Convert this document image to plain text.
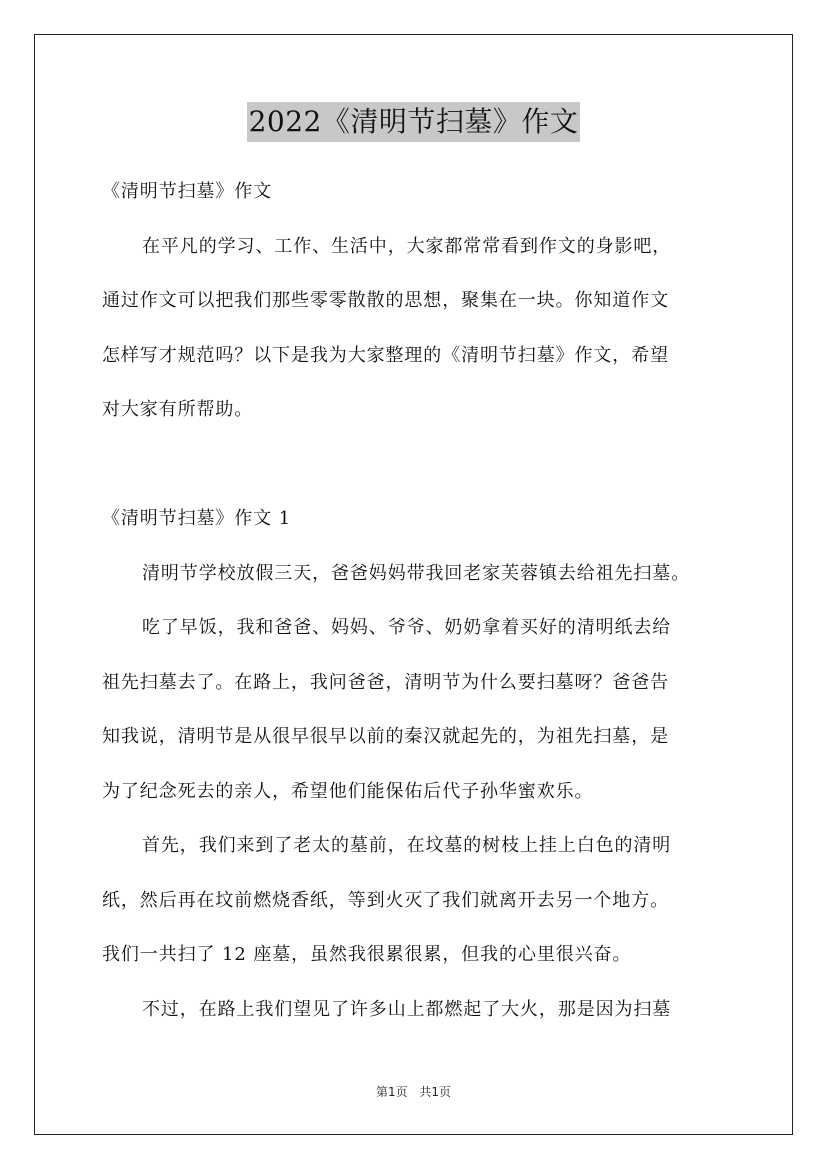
2022《清明节扫墓》作文
《清明节扫墓》作文
在平凡的学习、工作、生活中，大家都常常看到作文的身影吧，
通过作文可以把我们那些零零散散的思想，聚集在一块。你知道作文
怎样写才规范吗？以下是我为大家整理的《清明节扫墓》作文，希望
对大家有所帮助。
《清明节扫墓》作文 1
清明节学校放假三天，爸爸妈妈带我回老家芙蓉镇去给祖先扫墓。
吃了早饭，我和爸爸、妈妈、爷爷、奶奶拿着买好的清明纸去给
祖先扫墓去了。在路上，我问爸爸，清明节为什么要扫墓呀？爸爸告
知我说，清明节是从很早很早以前的秦汉就起先的，为祖先扫墓，是
为了纪念死去的亲人，希望他们能保佑后代子孙华蜜欢乐。
首先，我们来到了老太的墓前，在坟墓的树枝上挂上白色的清明
纸，然后再在坟前燃烧香纸，等到火灭了我们就离开去另一个地方。
我们一共扫了 12 座墓，虽然我很累很累，但我的心里很兴奋。
不过，在路上我们望见了许多山上都燃起了大火，那是因为扫墓
第1页 共1页
